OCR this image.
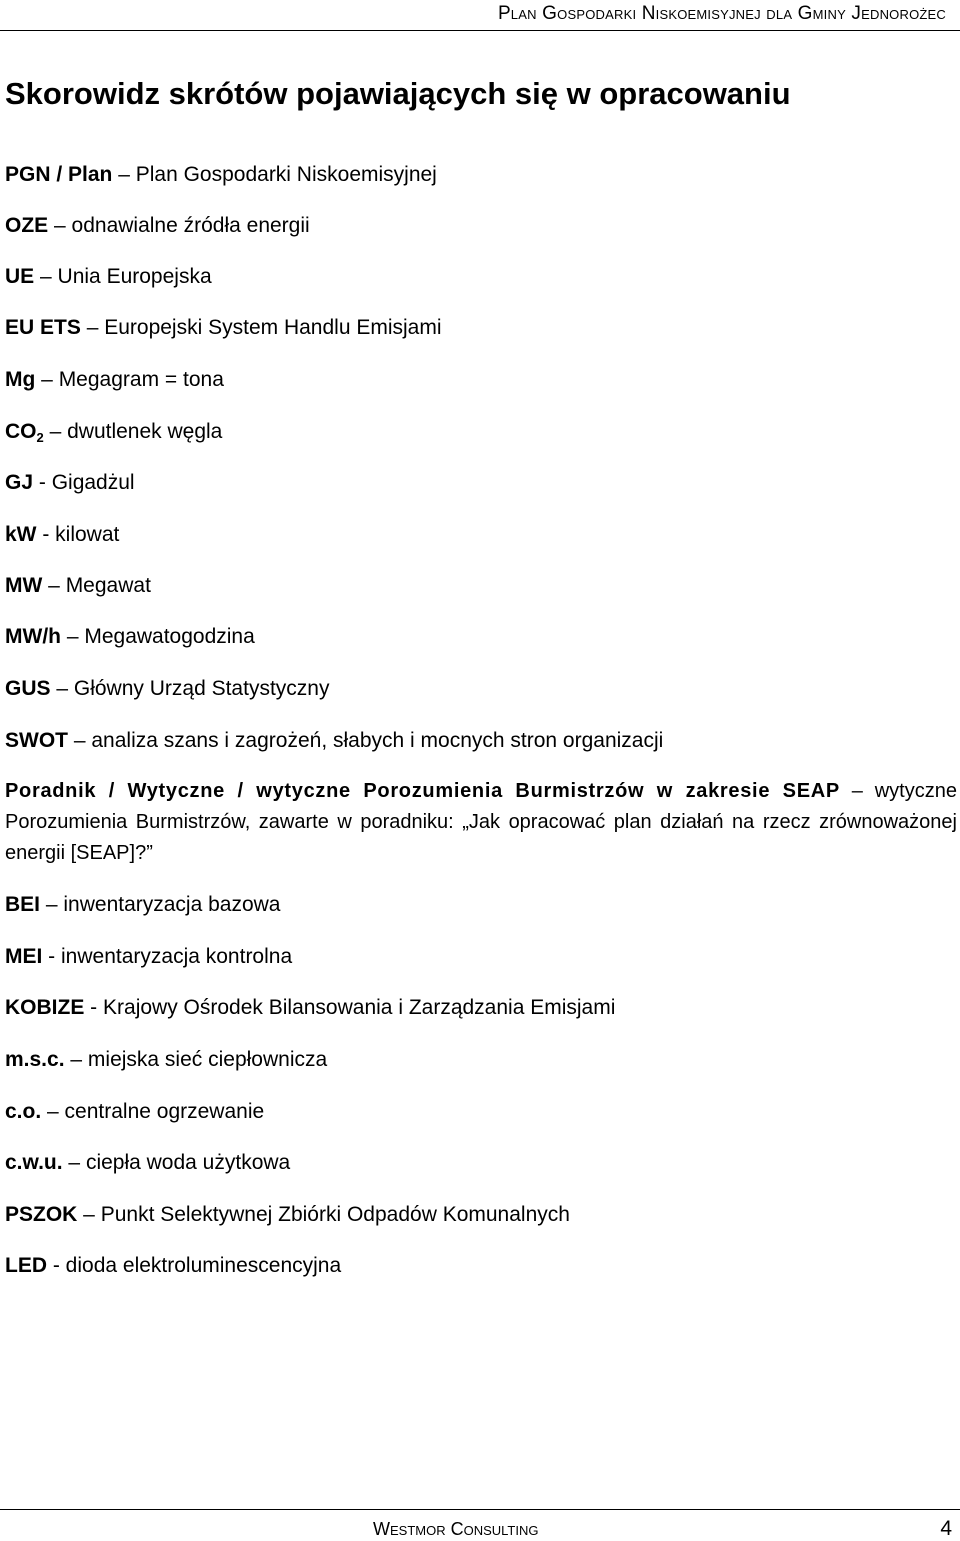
Plan Gospodarki Niskoemisyjnej dla Gminy Jednorożec
Skorowidz skrótów pojawiających się w opracowaniu
PGN / Plan – Plan Gospodarki Niskoemisyjnej
OZE – odnawialne źródła energii
UE – Unia Europejska
EU ETS – Europejski System Handlu Emisjami
Mg – Megagram = tona
$CO_2$ – dwutlenek węgla
GJ - Gigadżul
kW - kilowat
MW – Megawat
MW/h – Megawatogodzina
GUS – Główny Urząd Statystyczny
SWOT – analiza szans i zagrożeń, słabych i mocnych stron organizacji
Poradnik / Wytyczne / wytyczne Porozumienia Burmistrzów w zakresie SEAP – wytyczne Porozumienia Burmistrzów, zawarte w poradniku: „Jak opracować plan działań na rzecz zrównoważonej energii [SEAP]?”
BEI – inwentaryzacja bazowa
MEI - inwentaryzacja kontrolna
KOBIZE - Krajowy Ośrodek Bilansowania i Zarządzania Emisjami
m.s.c. – miejska sieć ciepłownicza
c.o. – centralne ogrzewanie
c.w.u. – ciepła woda użytkowa
PSZOK – Punkt Selektywnej Zbiórki Odpadów Komunalnych
LED - dioda elektroluminescencyjna
Westmor Consulting	4
